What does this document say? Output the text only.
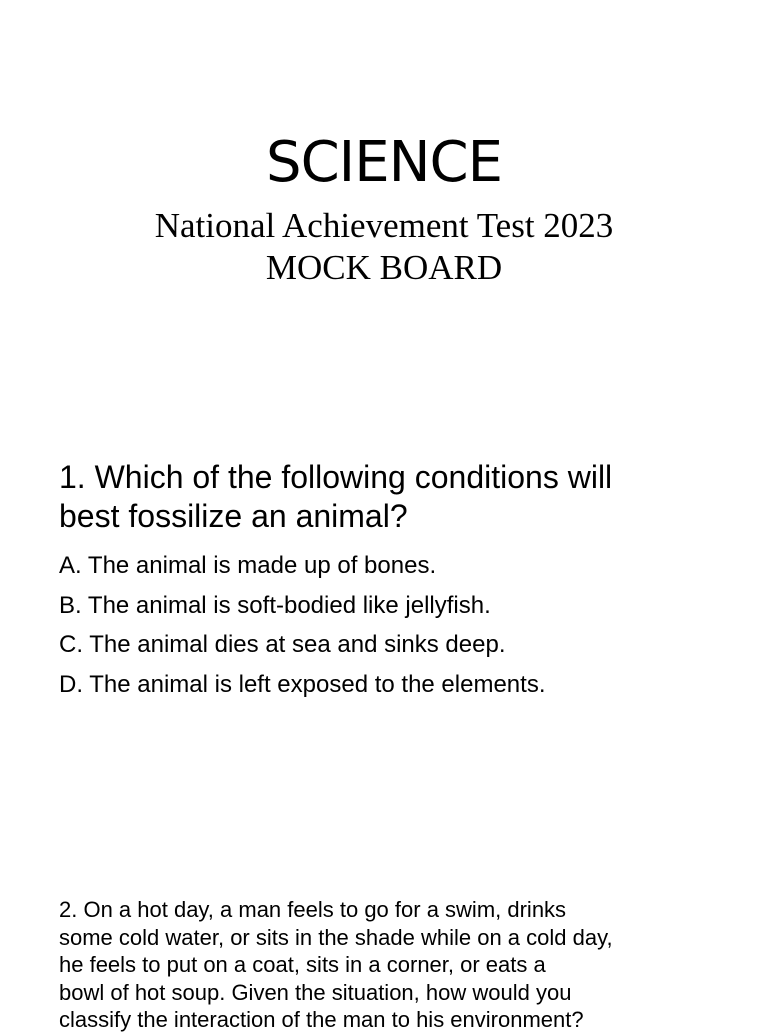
SCIENCE
National Achievement Test 2023
MOCK BOARD
1. Which of the following conditions will
best fossilize an animal?
A. The animal is made up of bones.
B. The animal is soft-bodied like jellyfish.
C. The animal dies at sea and sinks deep.
D. The animal is left exposed to the elements.
2. On a hot day, a man feels to go for a swim, drinks
some cold water, or sits in the shade while on a cold day,
he feels to put on a coat, sits in a corner, or eats a
bowl of hot soup. Given the situation, how would you
classify the interaction of the man to his environment?
